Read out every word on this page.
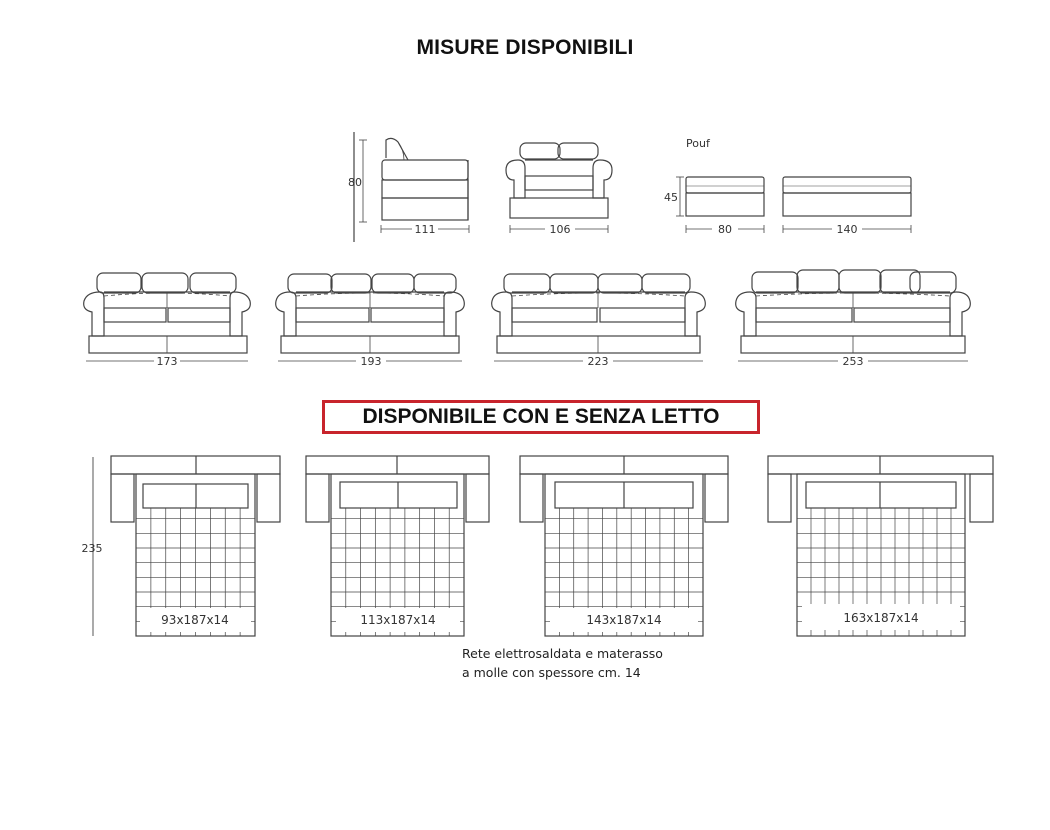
MISURE DISPONIBILI
80
111	106
Pouf
45
80	140
173	193	223	253
235
93x187x14	113x187x14	143x187x14	163x187x14
DISPONIBILE CON E SENZA LETTO
Rete elettrosaldata e materasso
a molle con spessore cm. 14
